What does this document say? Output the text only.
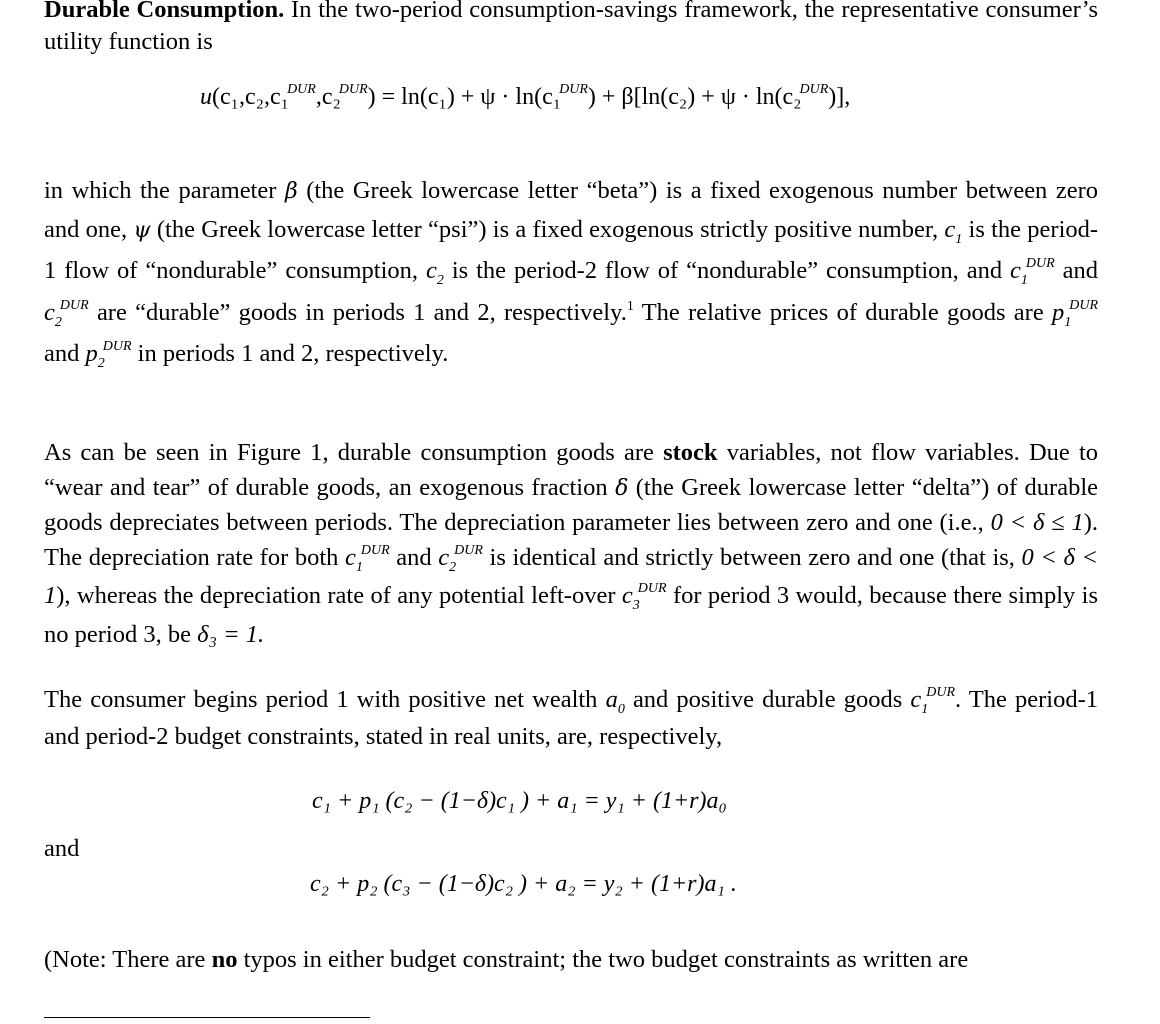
Durable Consumption. In the two-period consumption-savings framework, the representative consumer’s utility function is

u(c₁,c₂,c₁$^{DUR}$,c₂$^{DUR}$) = ln(c₁) + ψ · ln(c₁$^{DUR}$) + β[ln(c₂) + ψ · ln(c₂$^{DUR}$)],

in which the parameter β (the Greek lowercase letter “beta”) is a fixed exogenous number between zero and one, ψ (the Greek lowercase letter “psi”) is a fixed exogenous strictly positive number, $c_1$ is the period-1 flow of “nondurable” consumption, $c_2$ is the period-2 flow of “nondurable” consumption, and $c_1^{DUR}$ and $c_2^{DUR}$ are “durable” goods in periods 1 and 2, respectively.$^1$ The relative prices of durable goods are $p_1^{DUR}$ and $p_2^{DUR}$ in periods 1 and 2, respectively.

As can be seen in Figure 1, durable consumption goods are stock variables, not flow variables. Due to “wear and tear” of durable goods, an exogenous fraction δ (the Greek lowercase letter “delta”) of durable goods depreciates between periods. The depreciation parameter lies between zero and one (i.e., 0 < δ ≤ 1). The depreciation rate for both $c_1^{DUR}$ and $c_2^{DUR}$ is identical and strictly between zero and one (that is, 0 < δ < 1), whereas the depreciation rate of any potential left-over $c_3^{DUR}$ for period 3 would, because there simply is no period 3, be δ₃ = 1.

The consumer begins period 1 with positive net wealth $a_0$ and positive durable goods $c_1^{DUR}$. The period-1 and period-2 budget constraints, stated in real units, are, respectively,

c₁ + p₁ (c₂ − (1−δ)c₁ ) + a₁ = y₁ + (1+r)a₀

and

c₂ + p₂ (c₃ − (1−δ)c₂ ) + a₂ = y₂ + (1+r)a₁ .

(Note: There are no typos in either budget constraint; the two budget constraints as written are
